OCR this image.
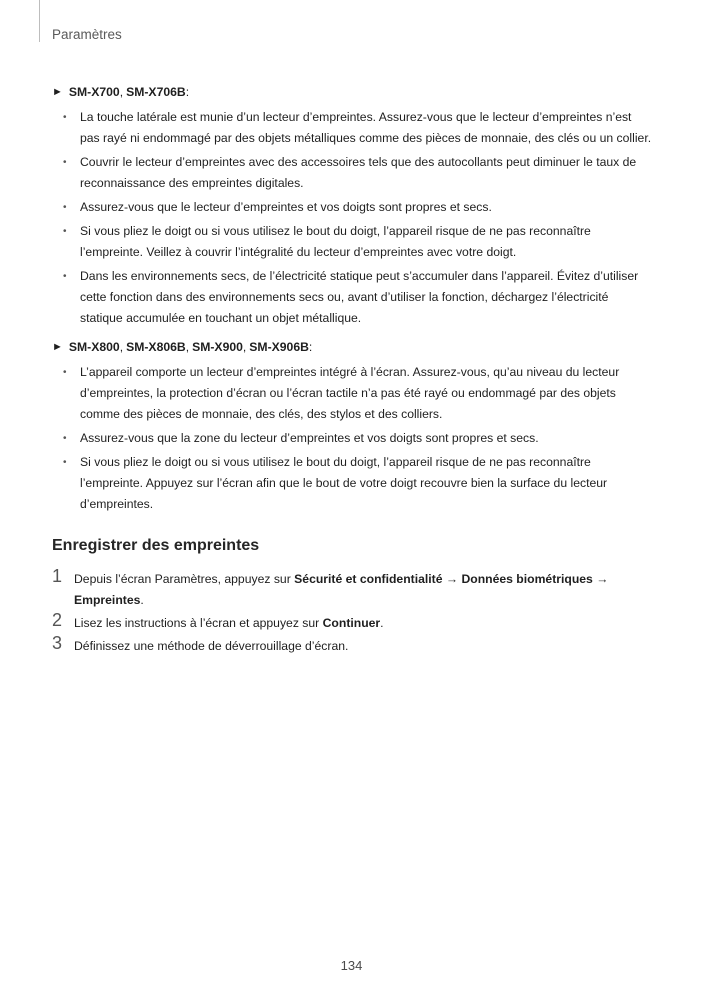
Paramètres
► SM-X700 , SM-X706B :
• La touche latérale est munie d’un lecteur d’empreintes. Assurez-vous que le lecteur d’empreintes n’est pas rayé ni endommagé par des objets métalliques comme des pièces de monnaie, des clés ou un collier.
• Couvrir le lecteur d’empreintes avec des accessoires tels que des autocollants peut diminuer le taux de reconnaissance des empreintes digitales.
• Assurez-vous que le lecteur d’empreintes et vos doigts sont propres et secs.
• Si vous pliez le doigt ou si vous utilisez le bout du doigt, l’appareil risque de ne pas reconnaître l’empreinte. Veillez à couvrir l’intégralité du lecteur d’empreintes avec votre doigt.
• Dans les environnements secs, de l’électricité statique peut s’accumuler dans l’appareil. Évitez d’utiliser cette fonction dans des environnements secs ou, avant d’utiliser la fonction, déchargez l’électricité statique accumulée en touchant un objet métallique.
► SM-X800 , SM-X806B , SM-X900 , SM-X906B :
• L’appareil comporte un lecteur d’empreintes intégré à l’écran. Assurez-vous, qu’au niveau du lecteur d’empreintes, la protection d’écran ou l’écran tactile n’a pas été rayé ou endommagé par des objets comme des pièces de monnaie, des clés, des stylos et des colliers.
• Assurez-vous que la zone du lecteur d’empreintes et vos doigts sont propres et secs.
• Si vous pliez le doigt ou si vous utilisez le bout du doigt, l’appareil risque de ne pas reconnaître l’empreinte. Appuyez sur l’écran afin que le bout de votre doigt recouvre bien la surface du lecteur d’empreintes.
Enregistrer des empreintes
1 Depuis l’écran Paramètres, appuyez sur Sécurité et confidentialité → Données biométriques → Empreintes.
2 Lisez les instructions à l’écran et appuyez sur Continuer.
3 Définissez une méthode de déverrouillage d’écran.
134
